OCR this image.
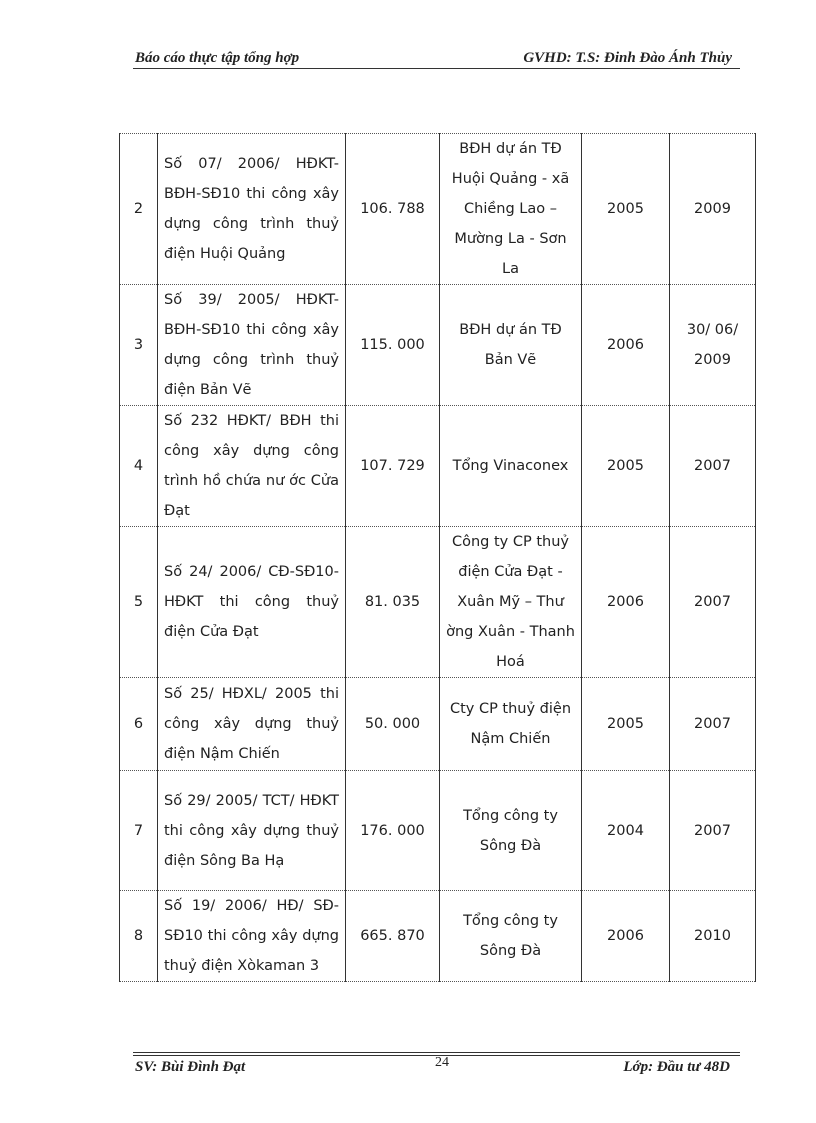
Báo cáo thực tập tổng hợp	GVHD: T.S: Đinh Đào Ánh Thủy
2	Số 07/ 2006/ HĐKT-BĐH-SĐ10 thi công xây dựng công trình thuỷ điện Huội Quảng	106. 788	BĐH dự án TĐ Huội Quảng - xã Chiềng Lao – Mường La - Sơn La	2005	2009
3	Số 39/ 2005/ HĐKT-BĐH-SĐ10 thi công xây dựng công trình thuỷ điện Bản Vẽ	115. 000	BĐH dự án TĐ Bản Vẽ	2006	30/ 06/ 2009
4	Số 232 HĐKT/ BĐH thi công xây dựng công trình hồ chứa nư ớc Cửa Đạt	107. 729	Tổng Vinaconex	2005	2007
5	Số 24/ 2006/ CĐ-SĐ10-HĐKT thi công thuỷ điện Cửa Đạt	81. 035	Công ty CP thuỷ điện Cửa Đạt - Xuân Mỹ – Thư ờng Xuân - Thanh Hoá	2006	2007
6	Số 25/ HĐXL/ 2005 thi công xây dựng thuỷ điện Nậm Chiến	50. 000	Cty CP thuỷ điện Nậm Chiến	2005	2007
7	Số 29/ 2005/ TCT/ HĐKT thi công xây dựng thuỷ điện Sông Ba Hạ	176. 000	Tổng công ty Sông Đà	2004	2007
8	Số 19/ 2006/ HĐ/ SĐ-SĐ10 thi công xây dựng thuỷ điện Xòkaman 3	665. 870	Tổng công ty Sông Đà	2006	2010
SV: Bùi Đình Đạt	24	Lớp: Đầu tư 48D
